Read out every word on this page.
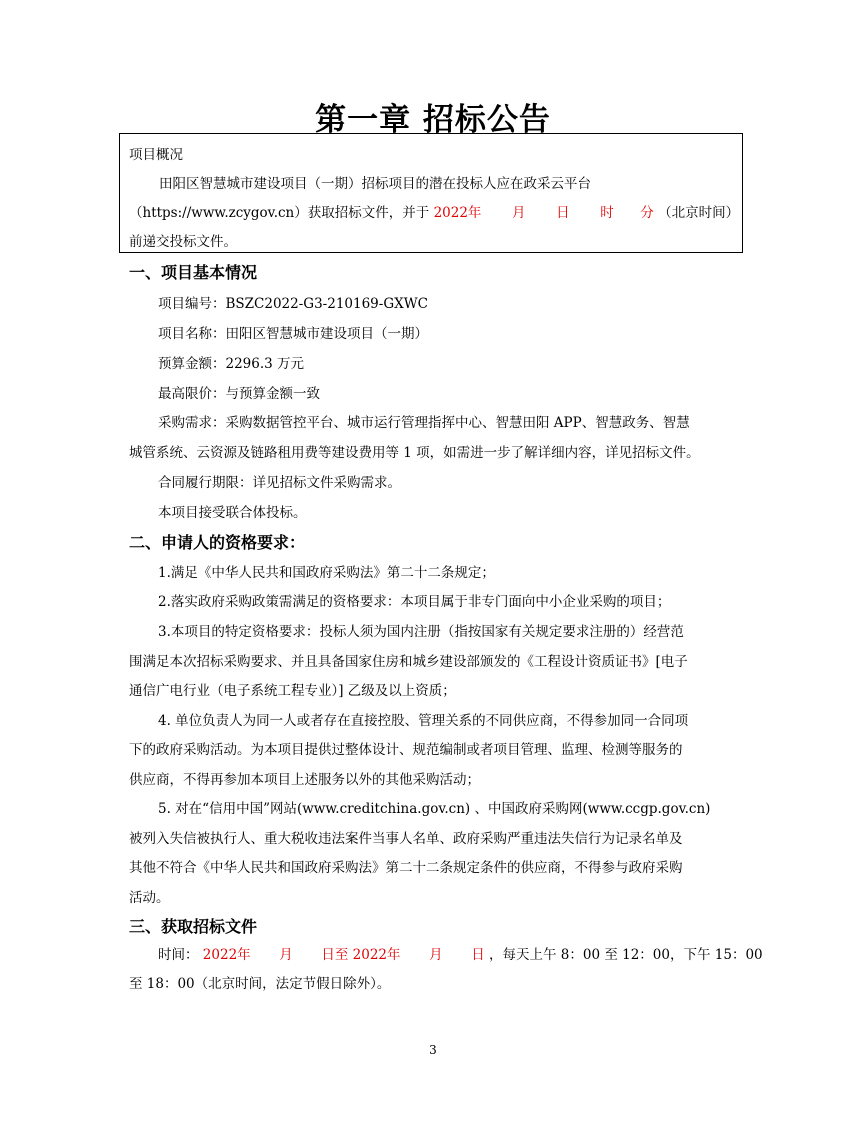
第一章 招标公告
项目概况
田阳区智慧城市建设项目（一期）招标项目的潜在投标人应在政采云平台
（https://www.zcygov.cn）获取招标文件，并于 2022年 月 日 时 分 （北京时间）
前递交投标文件。
一、项目基本情况
项目编号：BSZC2022-G3-210169-GXWC
项目名称：田阳区智慧城市建设项目（一期）
预算金额：2296.3 万元
最高限价：与预算金额一致
采购需求：采购数据管控平台、城市运行管理指挥中心、智慧田阳 APP、智慧政务、智慧
城管系统、云资源及链路租用费等建设费用等 1 项，如需进一步了解详细内容，详见招标文件。
合同履行期限：详见招标文件采购需求。
本项目接受联合体投标。
二、申请人的资格要求：
1.满足《中华人民共和国政府采购法》第二十二条规定；
2.落实政府采购政策需满足的资格要求：本项目属于非专门面向中小企业采购的项目；
3.本项目的特定资格要求：投标人须为国内注册（指按国家有关规定要求注册的）经营范
围满足本次招标采购要求、并且具备国家住房和城乡建设部颁发的《工程设计资质证书》[电子
通信广电行业（电子系统工程专业）] 乙级及以上资质；
4. 单位负责人为同一人或者存在直接控股、管理关系的不同供应商，不得参加同一合同项
下的政府采购活动。为本项目提供过整体设计、规范编制或者项目管理、监理、检测等服务的
供应商，不得再参加本项目上述服务以外的其他采购活动；
5. 对在“信用中国”网站(www.creditchina.gov.cn) 、中国政府采购网(www.ccgp.gov.cn)
被列入失信被执行人、重大税收违法案件当事人名单、政府采购严重违法失信行为记录名单及
其他不符合《中华人民共和国政府采购法》第二十二条规定条件的供应商，不得参与政府采购
活动。
三、获取招标文件
时间： 2022年 月 日至 2022年 月 日 ，每天上午 8：00 至 12：00，下午 15：00
至 18：00（北京时间，法定节假日除外）。
3
